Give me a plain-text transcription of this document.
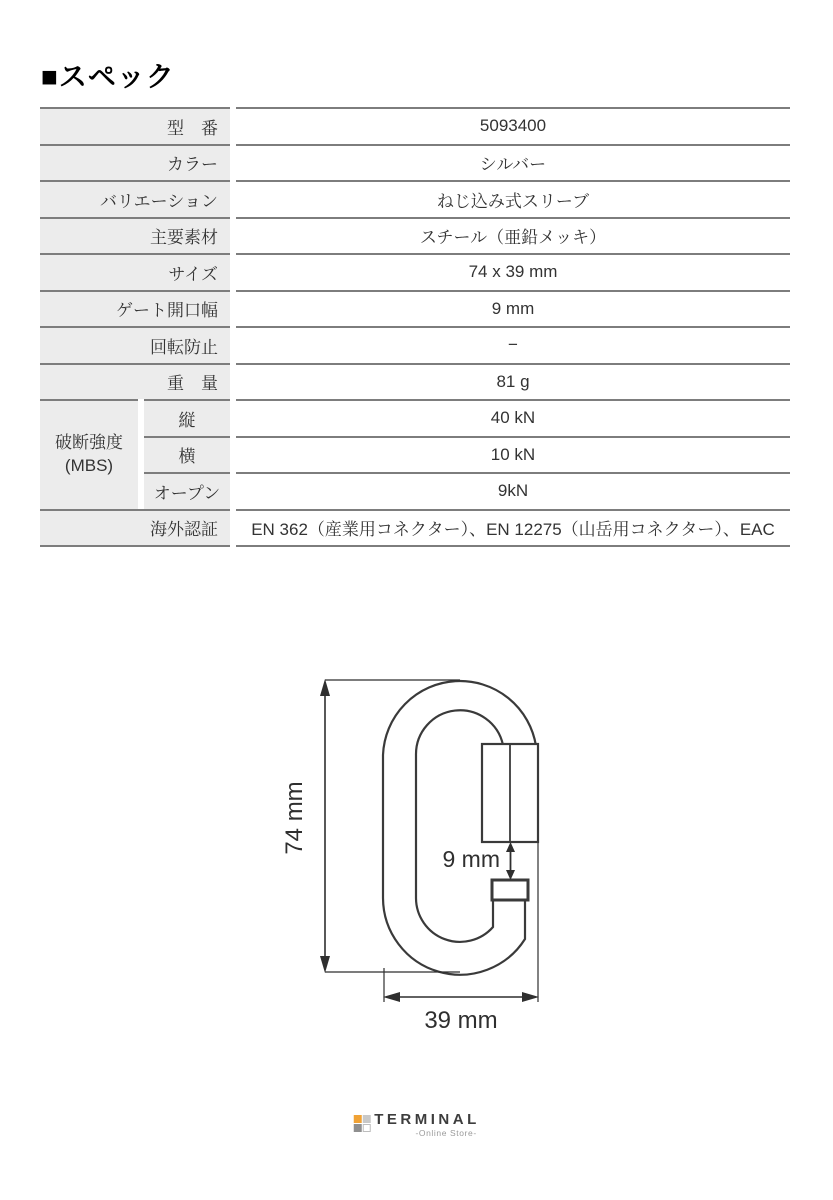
■スペック
型　番	5093400
カラー	シルバー
バリエーション	ねじ込み式スリーブ
主要素材	スチール（亜鉛メッキ）
サイズ	74 x 39 mm
ゲート開口幅	9 mm
回転防止	−
重　量	81 g
破断強度
(MBS)
縦	40 kN
横	10 kN
オープン	9kN
海外認証	EN 362（産業用コネクター）、EN 12275（山岳用コネクター）、EAC
9 mm
74 mm
39 mm
TERMINAL
-Online Store-
